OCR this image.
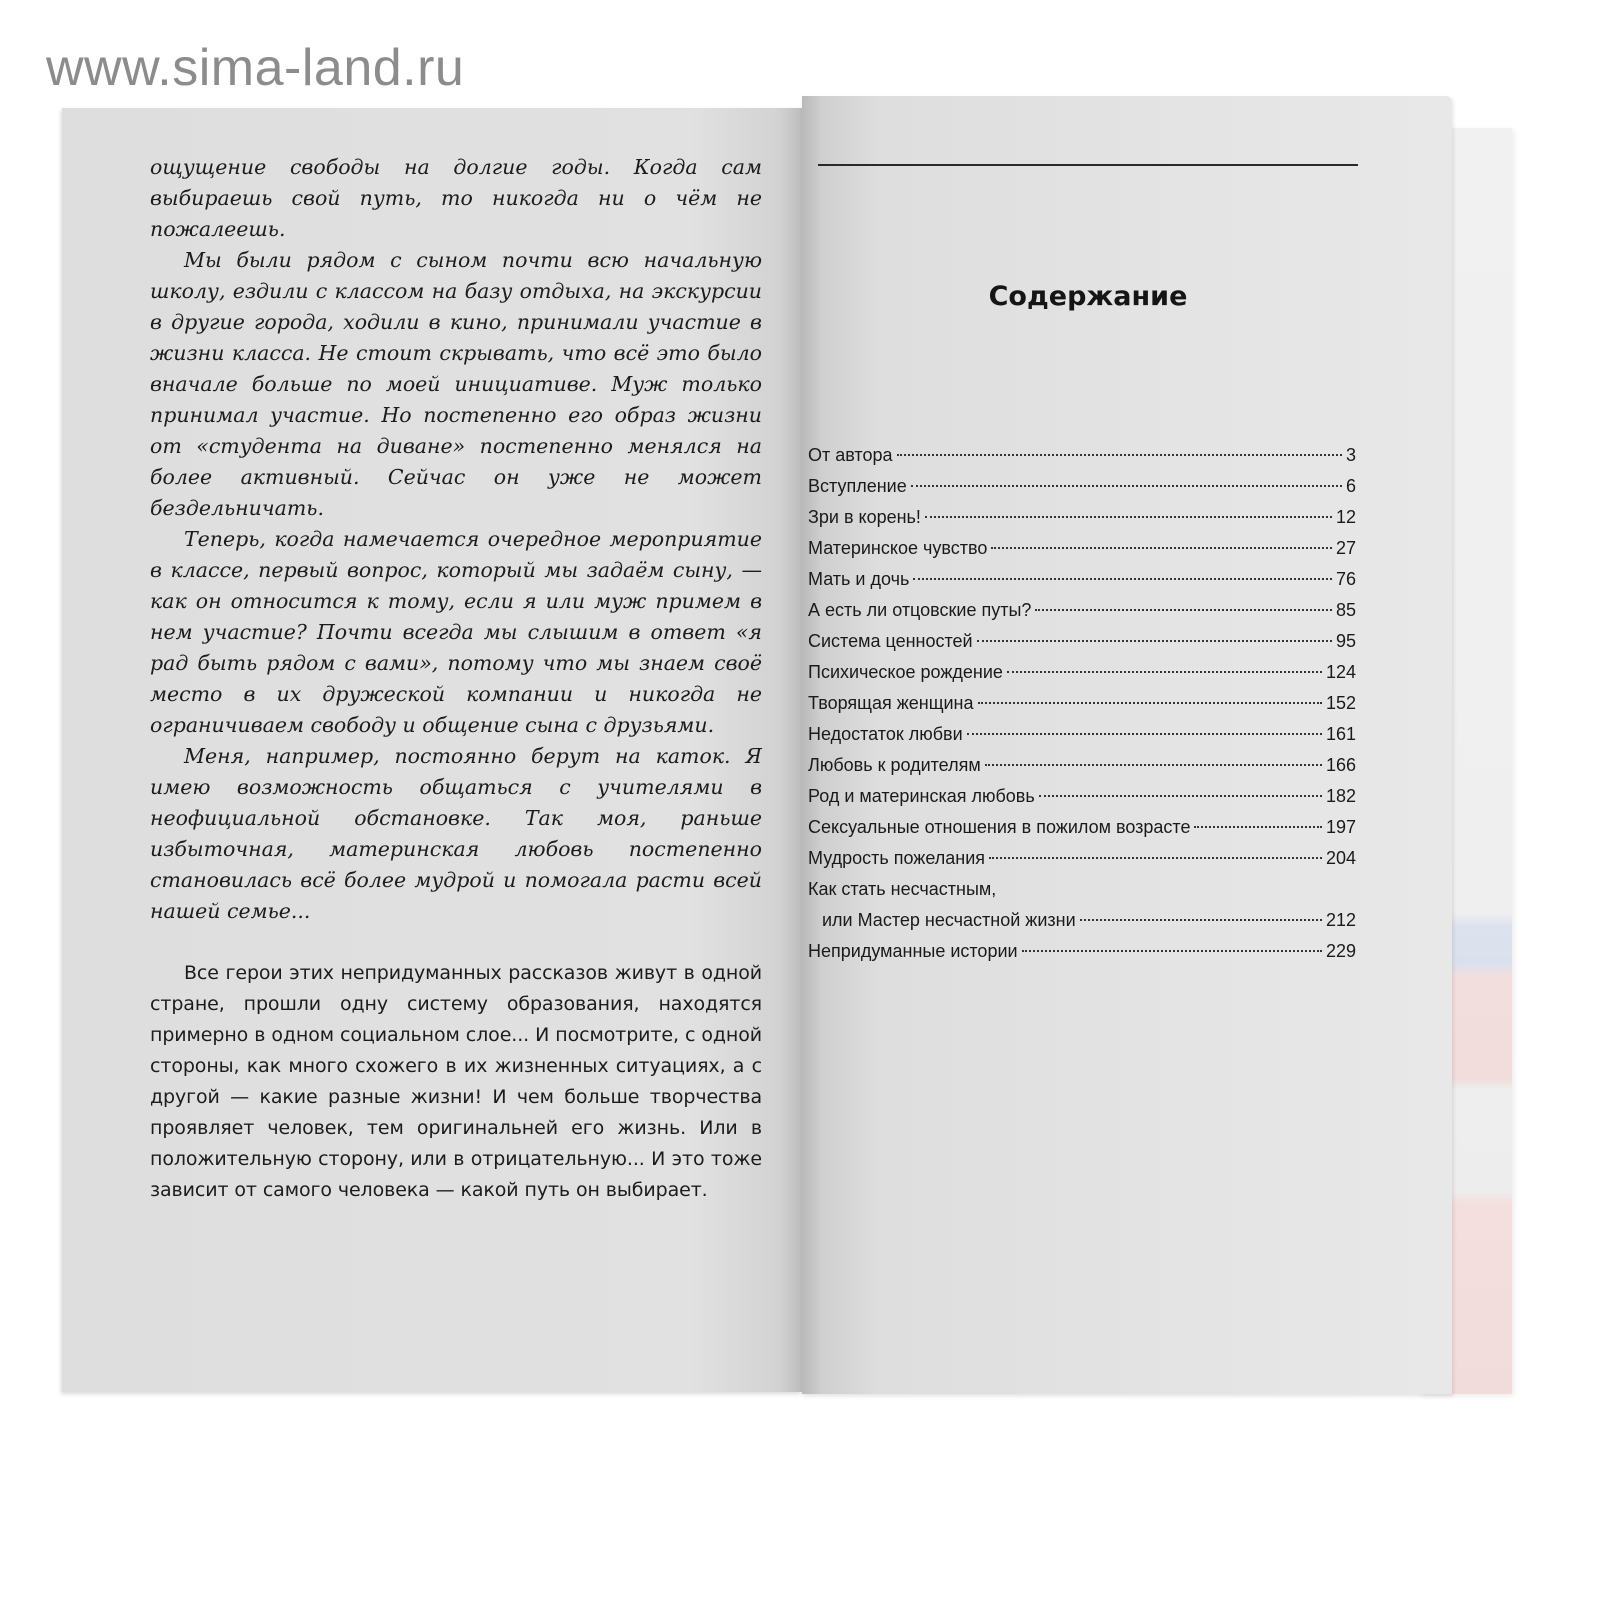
www.sima-land.ru

ощущение свободы на долгие годы. Когда сам выбираешь свой путь, то никогда ни о чём не пожалеешь.

Мы были рядом с сыном почти всю начальную школу, ездили с классом на базу отдыха, на экскурсии в другие города, ходили в кино, принимали участие в жизни класса. Не стоит скрывать, что всё это было вначале больше по моей инициативе. Муж только принимал участие. Но постепенно его образ жизни от «студента на диване» постепенно менялся на более активный. Сейчас он уже не может бездельничать.

Теперь, когда намечается очередное мероприятие в классе, первый вопрос, который мы задаём сыну, — как он относится к тому, если я или муж примем в нем участие? Почти всегда мы слышим в ответ «я рад быть рядом с вами», потому что мы знаем своё место в их дружеской компании и никогда не ограничиваем свободу и общение сына с друзьями.

Меня, например, постоянно берут на каток. Я имею возможность общаться с учителями в неофициальной обстановке. Так моя, раньше избыточная, материнская любовь постепенно становилась всё более мудрой и помогала расти всей нашей семье...

Все герои этих непридуманных рассказов живут в одной стране, прошли одну систему образования, находятся примерно в одном социальном слое... И посмотрите, с одной стороны, как много схожего в их жизненных ситуациях, а с другой — какие разные жизни! И чем больше творчества проявляет человек, тем оригинальней его жизнь. Или в положительную сторону, или в отрицательную... И это тоже зависит от самого человека — какой путь он выбирает.

Содержание
От автора	3
Вступление	6
Зри в корень!	12
Материнское чувство	27
Мать и дочь	76
А есть ли отцовские путы?	85
Система ценностей	95
Психическое рождение	124
Творящая женщина	152
Недостаток любви	161
Любовь к родителям	166
Род и материнская любовь	182
Сексуальные отношения в пожилом возрасте	197
Мудрость пожелания	204
Как стать несчастным,
или Мастер несчастной жизни	212
Непридуманные истории	229
